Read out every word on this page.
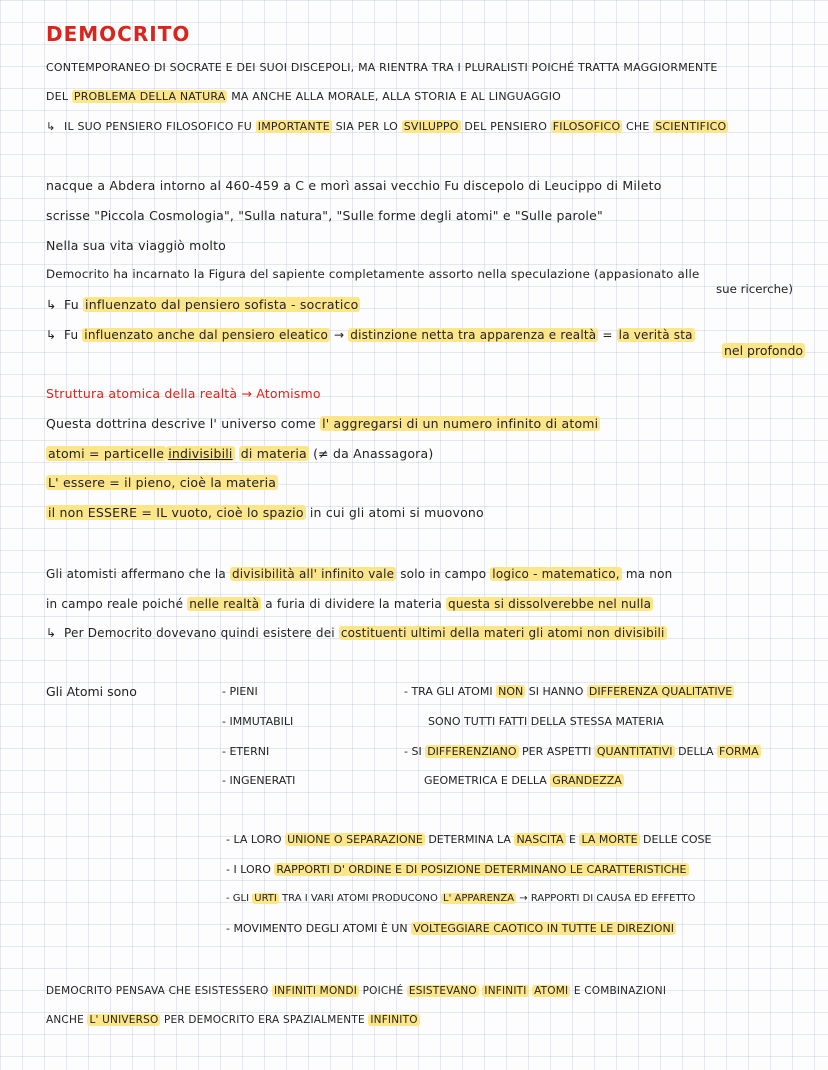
DEMOCRITO
CONTEMPORANEO DI SOCRATE E DEI SUOI DISCEPOLI, MA RIENTRA TRA I PLURALISTI POICHÉ TRATTA MAGGIORMENTE
DEL PROBLEMA DELLA NATURA MA ANCHE ALLA MORALE, ALLA STORIA E AL LINGUAGGIO
↳ IL SUO PENSIERO FILOSOFICO FU IMPORTANTE SIA PER LO SVILUPPO DEL PENSIERO FILOSOFICO CHE SCIENTIFICO
nacque a Abdera intorno al 460-459 a C e morì assai vecchio Fu discepolo di Leucippo di Mileto
scrisse "Piccola Cosmologia", "Sulla natura", "Sulle forme degli atomi" e "Sulle parole"
Nella sua vita viaggiò molto
Democrito ha incarnato la Figura del sapiente completamente assorto nella speculazione (appasionato alle
sue ricerche)
↳ Fu influenzato dal pensiero sofista - socratico
↳ Fu influenzato anche dal pensiero eleatico → distinzione netta tra apparenza e realtà = la verità sta
nel profondo
Struttura atomica della realtà → Atomismo
Questa dottrina descrive l' universo come l' aggregarsi di un numero infinito di atomi
atomi = particelle indivisibili di materia (≠ da Anassagora)
L' essere = il pieno, cioè la materia
il non ESSERE = IL vuoto, cioè lo spazio in cui gli atomi si muovono
Gli atomisti affermano che la divisibilità all' infinito vale solo in campo logico - matematico, ma non
in campo reale poiché nelle realtà a furia di dividere la materia questa si dissolverebbe nel nulla
↳ Per Democrito dovevano quindi esistere dei costituenti ultimi della materi gli atomi non divisibili
Gli Atomi sono	- PIENI
- IMMUTABILI
- ETERNI
- INGENERATI
- TRA GLI ATOMI NON SI HANNO DIFFERENZA QUALITATIVE
SONO TUTTI FATTI DELLA STESSA MATERIA
- SI DIFFERENZIANO PER ASPETTI QUANTITATIVI DELLA FORMA
GEOMETRICA E DELLA GRANDEZZA
- LA LORO UNIONE O SEPARAZIONE DETERMINA LA NASCITA E LA MORTE DELLE COSE
- I LORO RAPPORTI D' ORDINE E DI POSIZIONE DETERMINANO LE CARATTERISTICHE
- GLI URTI TRA I VARI ATOMI PRODUCONO L' APPARENZA → RAPPORTI DI CAUSA ED EFFETTO
- MOVIMENTO DEGLI ATOMI È UN VOLTEGGIARE CAOTICO IN TUTTE LE DIREZIONI
DEMOCRITO PENSAVA CHE ESISTESSERO INFINITI MONDI POICHÉ ESISTEVANO INFINITI ATOMI E COMBINAZIONI
ANCHE L' UNIVERSO PER DEMOCRITO ERA SPAZIALMENTE INFINITO
